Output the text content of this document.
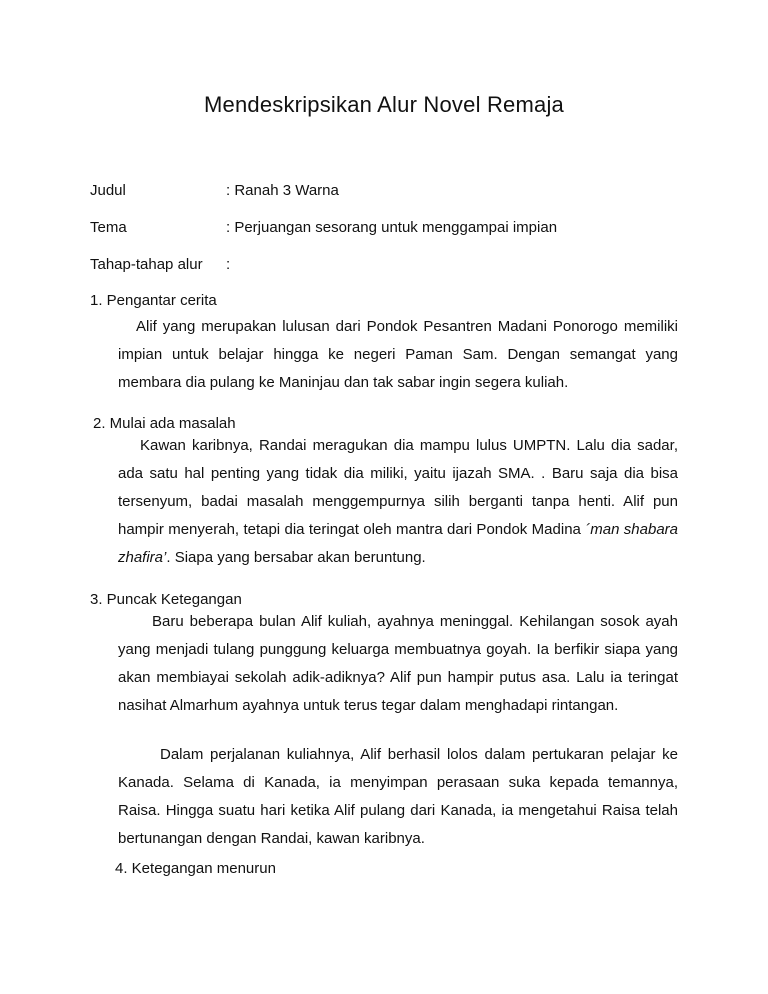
Mendeskripsikan Alur Novel Remaja
Judul	: Ranah 3 Warna
Tema	: Perjuangan sesorang untuk menggampai impian
Tahap-tahap alur :
1. Pengantar cerita

Alif yang merupakan lulusan dari Pondok Pesantren Madani Ponorogo memiliki impian untuk belajar hingga ke negeri Paman Sam. Dengan semangat yang membara dia pulang ke Maninjau dan tak sabar ingin segera kuliah.

2. Mulai ada masalah

Kawan karibnya, Randai meragukan dia mampu lulus UMPTN. Lalu dia sadar, ada satu hal penting yang tidak dia miliki, yaitu ijazah SMA. . Baru saja dia bisa tersenyum, badai masalah menggempurnya silih berganti tanpa henti. Alif pun hampir menyerah, tetapi dia teringat oleh mantra dari Pondok Madina ´man shabara zhafira’. Siapa yang bersabar akan beruntung.

3. Puncak Ketegangan

Baru beberapa bulan Alif kuliah, ayahnya meninggal. Kehilangan sosok ayah yang menjadi tulang punggung keluarga membuatnya goyah. Ia berfikir siapa yang akan membiayai sekolah adik-adiknya? Alif pun hampir putus asa. Lalu ia teringat nasihat Almarhum ayahnya untuk terus tegar dalam menghadapi rintangan.

Dalam perjalanan kuliahnya, Alif berhasil lolos dalam pertukaran pelajar ke Kanada. Selama di Kanada, ia menyimpan perasaan suka kepada temannya, Raisa. Hingga suatu hari ketika Alif pulang dari Kanada, ia mengetahui Raisa telah bertunangan dengan Randai, kawan karibnya.

4. Ketegangan menurun
